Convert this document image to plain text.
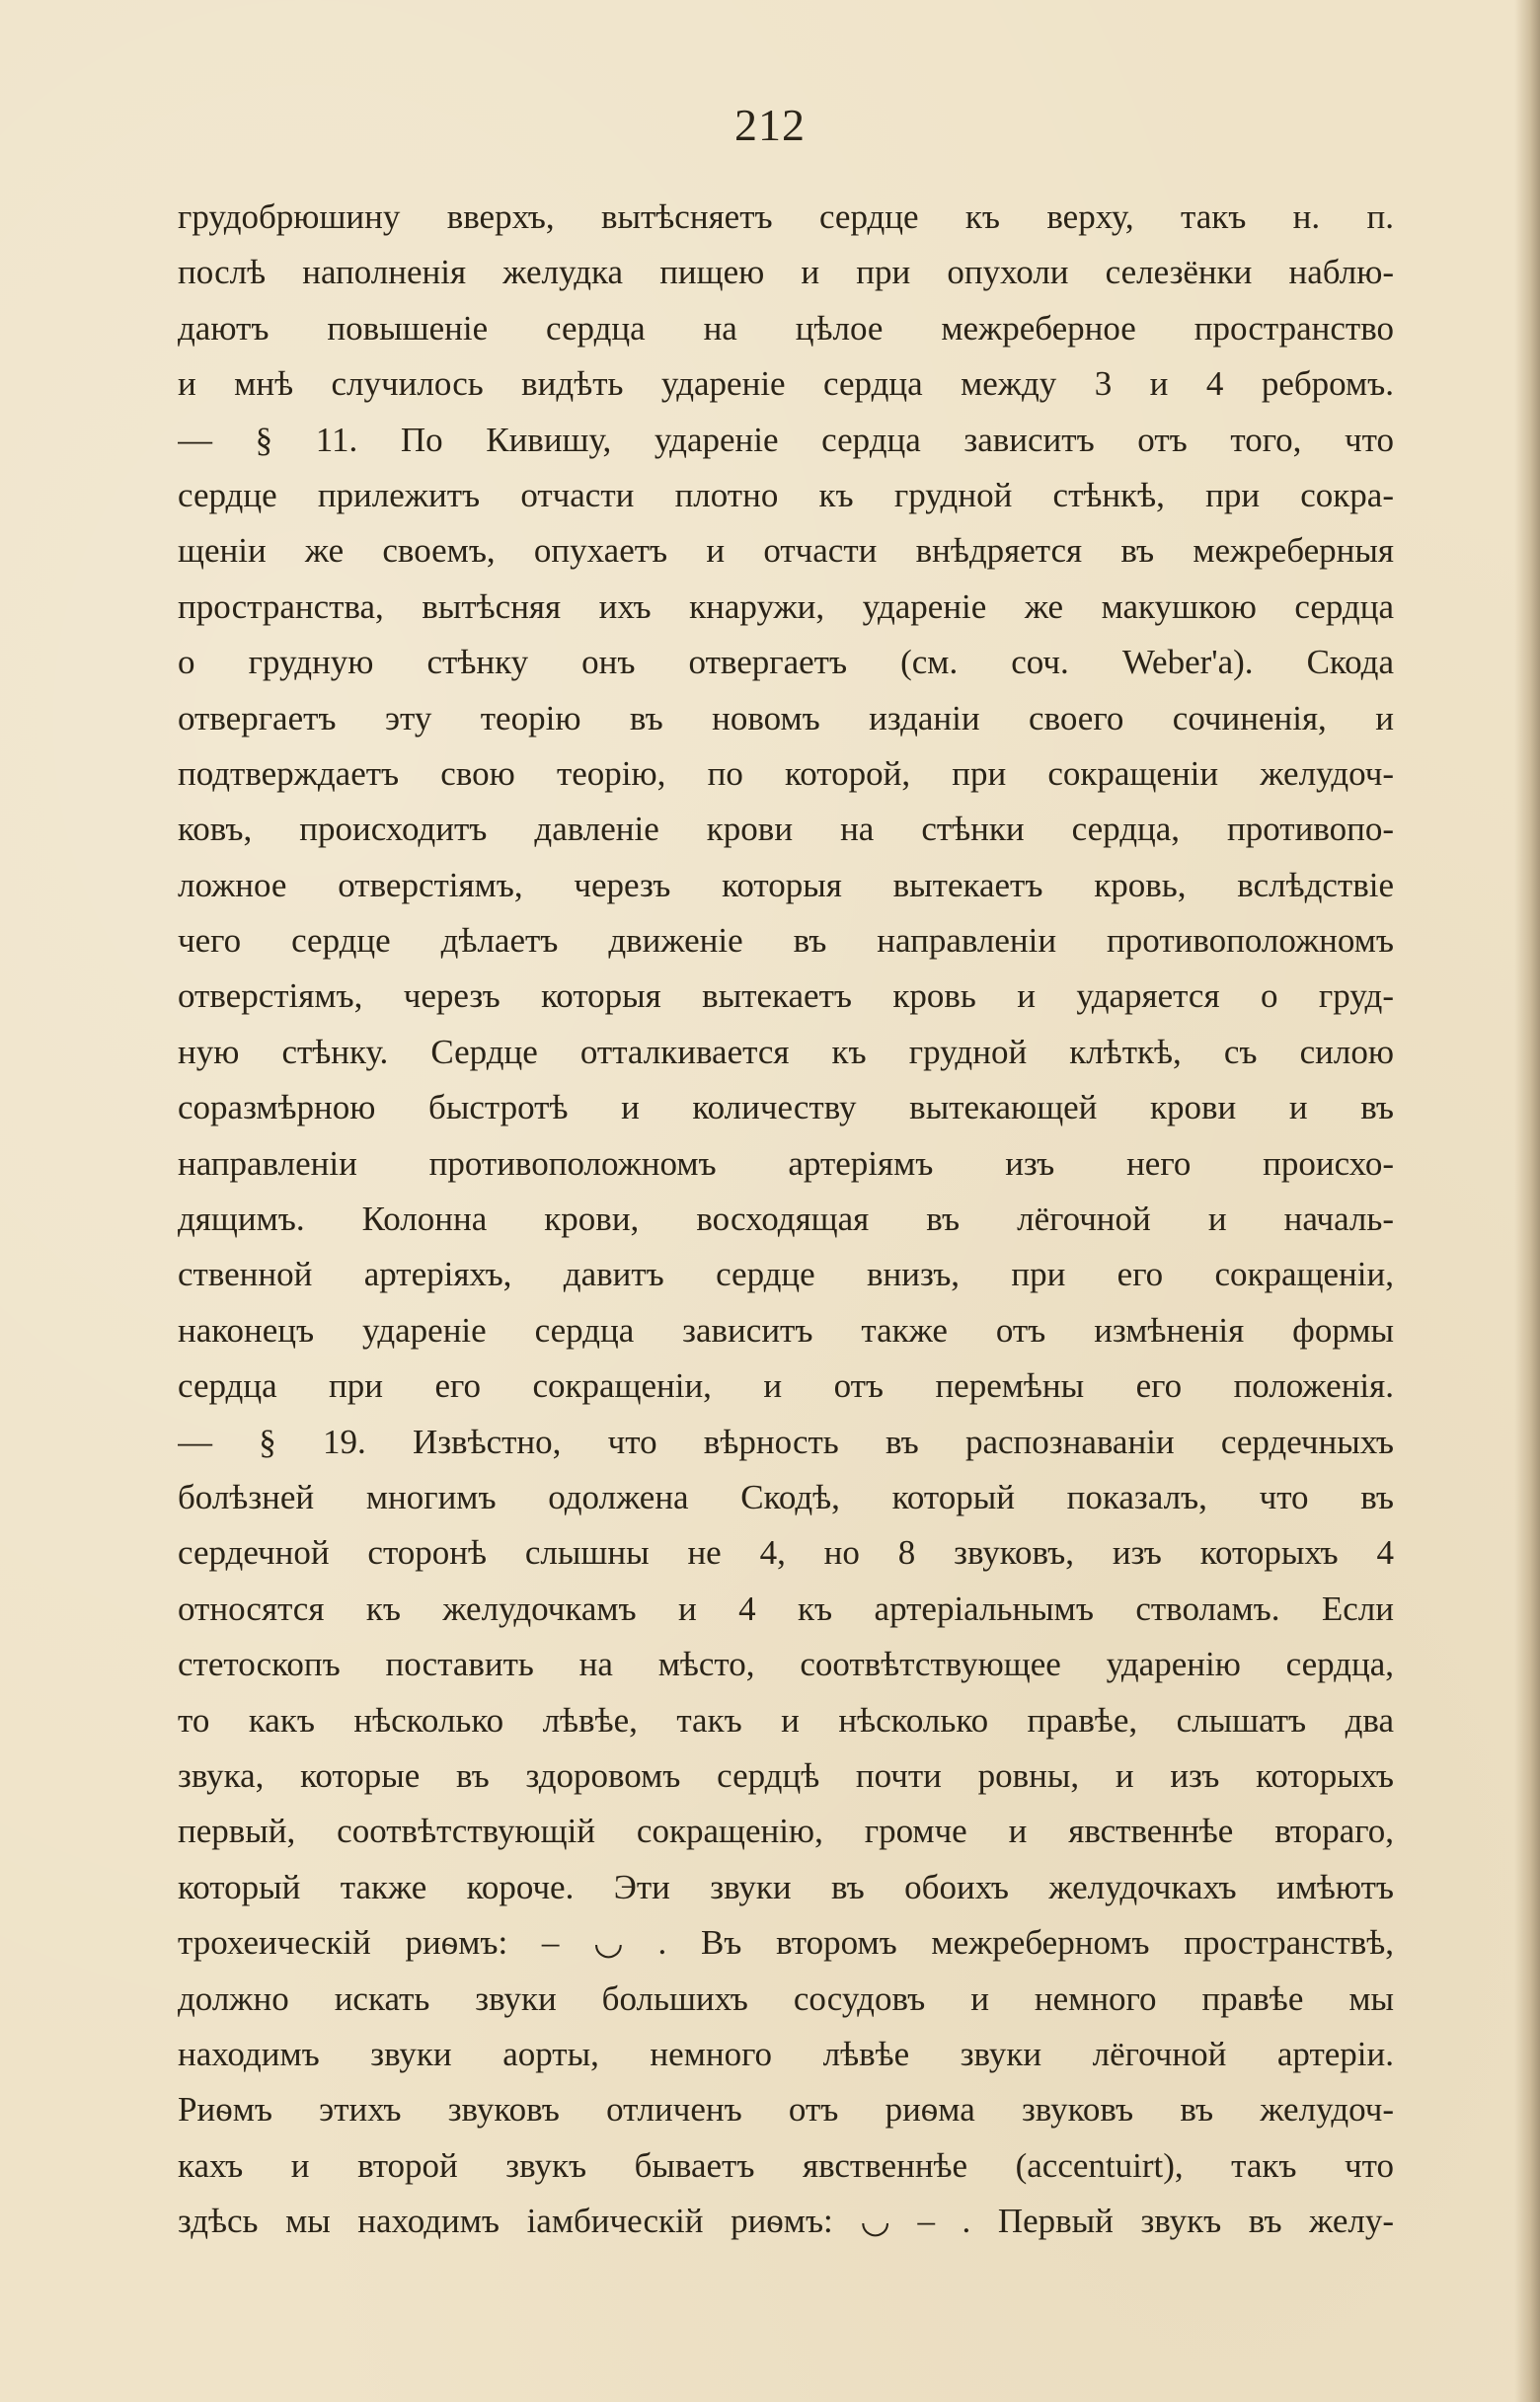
212
грудобрюшину вверхъ, вытѣсняетъ сердце къ верху, такъ н. п.
послѣ наполненія желудка пищею и при опухоли селезёнки наблю-
даютъ повышеніе сердца на цѣлое межреберное пространство
и мнѣ случилось видѣть удареніе сердца между 3 и 4 ребромъ.
— § 11. По Кивишу, удареніе сердца зависитъ отъ того, что
сердце прилежитъ отчасти плотно къ грудной стѣнкѣ, при сокра-
щеніи же своемъ, опухаетъ и отчасти внѣдряется въ межреберныя
пространства, вытѣсняя ихъ кнаружи, удареніе же макушкою сердца
о грудную стѣнку онъ отвергаетъ (см. соч. Weber'a). Скода
отвергаетъ эту теорію въ новомъ изданіи своего сочиненія, и
подтверждаетъ свою теорію, по которой, при сокращеніи желудоч-
ковъ, происходитъ давленіе крови на стѣнки сердца, противопо-
ложное отверстіямъ, черезъ которыя вытекаетъ кровь, вслѣдствіе
чего сердце дѣлаетъ движеніе въ направленіи противоположномъ
отверстіямъ, черезъ которыя вытекаетъ кровь и ударяется о груд-
ную стѣнку. Сердце отталкивается къ грудной клѣткѣ, съ силою
соразмѣрною быстротѣ и количеству вытекающей крови и въ
направленіи противоположномъ артеріямъ изъ него происхо-
дящимъ. Колонна крови, восходящая въ лёгочной и началь-
ственной артеріяхъ, давитъ сердце внизъ, при его сокращеніи,
наконецъ удареніе сердца зависитъ также отъ измѣненія формы
сердца при его сокращеніи, и отъ перемѣны его положенія.
— § 19. Извѣстно, что вѣрность въ распознаваніи сердечныхъ
болѣзней многимъ одолжена Скодѣ, который показалъ, что въ
сердечной сторонѣ слышны не 4, но 8 звуковъ, изъ которыхъ 4
относятся къ желудочкамъ и 4 къ артеріальнымъ стволамъ. Если
стетоскопъ поставить на мѣсто, соотвѣтствующее ударенію сердца,
то какъ нѣсколько лѣвѣе, такъ и нѣсколько правѣе, слышатъ два
звука, которые въ здоровомъ сердцѣ почти ровны, и изъ которыхъ
первый, соотвѣтствующій сокращенію, громче и явственнѣе втораго,
который также короче. Эти звуки въ обоихъ желудочкахъ имѣютъ
трохеическій риѳмъ: – ◡ . Въ второмъ межреберномъ пространствѣ,
должно искать звуки большихъ сосудовъ и немного правѣе мы
находимъ звуки аорты, немного лѣвѣе звуки лёгочной артеріи.
Риѳмъ этихъ звуковъ отличенъ отъ риѳма звуковъ въ желудоч-
кахъ и второй звукъ бываетъ явственнѣе (accentuirt), такъ что
здѣсь мы находимъ іамбическій риѳмъ: ◡ – . Первый звукъ въ желу-
